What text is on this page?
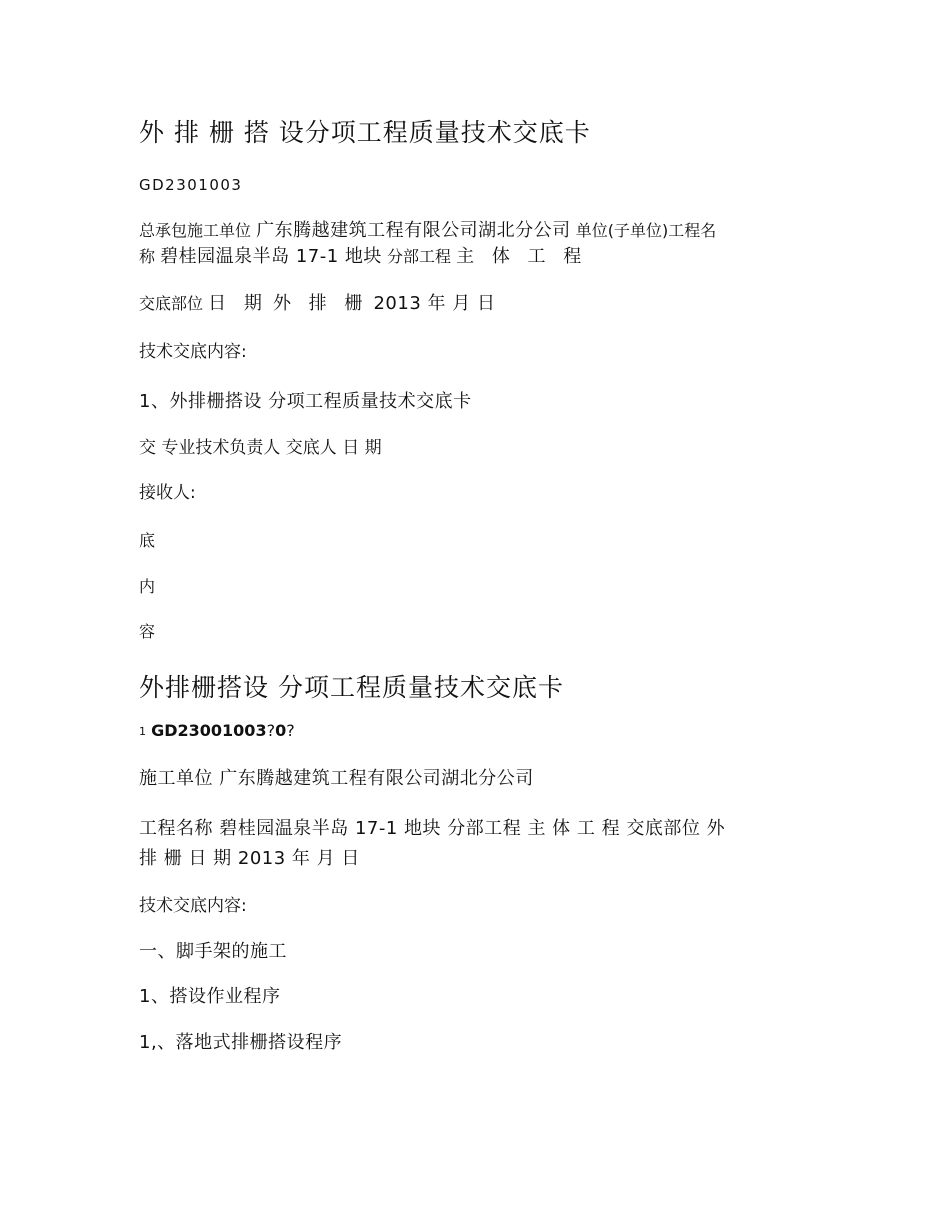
外 排 栅 搭 设分项工程质量技术交底卡
GD2301003
总承包施工单位 广东腾越建筑工程有限公司湖北分公司 单位(子单位)工程名
称 碧桂园温泉半岛 17-1 地块 分部工程 主 体 工 程
交底部位 日 期 外 排 栅 2013 年 月 日
技术交底内容:
1、外排栅搭设 分项工程质量技术交底卡
交 专业技术负责人 交底人 日 期
接收人:
底
内
容
外排栅搭设 分项工程质量技术交底卡
1 GD23001003?0?
施工单位 广东腾越建筑工程有限公司湖北分公司
工程名称 碧桂园温泉半岛 17-1 地块 分部工程 主 体 工 程 交底部位 外
排 栅 日 期 2013 年 月 日
技术交底内容:
一、脚手架的施工
1、搭设作业程序
1,、落地式排栅搭设程序
